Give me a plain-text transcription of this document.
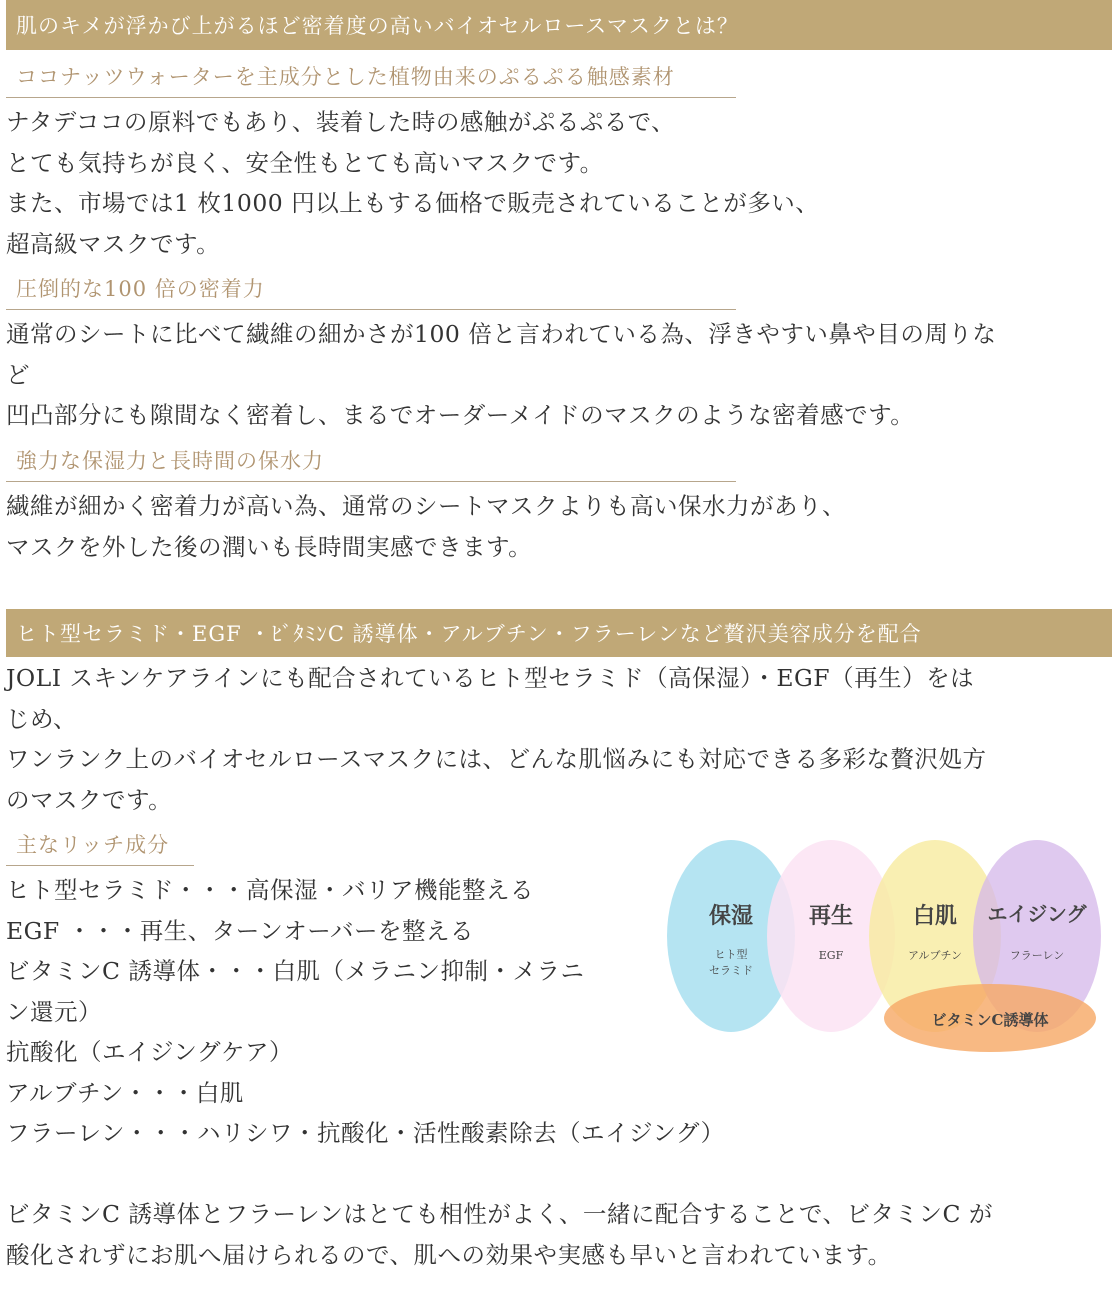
肌のキメが浮かび上がるほど密着度の高いバイオセルロースマスクとは？
ココナッツウォーターを主成分とした植物由来のぷるぷる触感素材
ナタデココの原料でもあり、装着した時の感触がぷるぷるで、
とても気持ちが良く、安全性もとても高いマスクです。
また、市場では1 枚1000 円以上もする価格で販売されていることが多い、
超高級マスクです。
圧倒的な100 倍の密着力
通常のシートに比べて繊維の細かさが100 倍と言われている為、浮きやすい鼻や目の周りな
ど
凹凸部分にも隙間なく密着し、まるでオーダーメイドのマスクのような密着感です。
強力な保湿力と長時間の保水力
繊維が細かく密着力が高い為、通常のシートマスクよりも高い保水力があり、
マスクを外した後の潤いも長時間実感できます。
ヒト型セラミド・EGF ・ﾋﾞﾀﾐﾝC 誘導体・アルブチン・フラーレンなど贅沢美容成分を配合
JOLI スキンケアラインにも配合されているヒト型セラミド（高保湿）・EGF（再生）をは
じめ、
ワンランク上のバイオセルロースマスクには、どんな肌悩みにも対応できる多彩な贅沢処方
のマスクです。
主なリッチ成分
ヒト型セラミド・・・高保湿・バリア機能整える
EGF ・・・再生、ターンオーバーを整える
ビタミンC 誘導体・・・白肌（メラニン抑制・メラニ
ン還元）
抗酸化（エイジングケア）
アルブチン・・・白肌
フラーレン・・・ハリシワ・抗酸化・活性酸素除去（エイジング）
ビタミンC 誘導体とフラーレンはとても相性がよく、一緒に配合することで、ビタミンC が
酸化されずにお肌へ届けられるので、肌への効果や実感も早いと言われています。
保湿
ヒト型
セラミド
再生
EGF
白肌
アルブチン
エイジング
フラーレン
ビタミンC誘導体
